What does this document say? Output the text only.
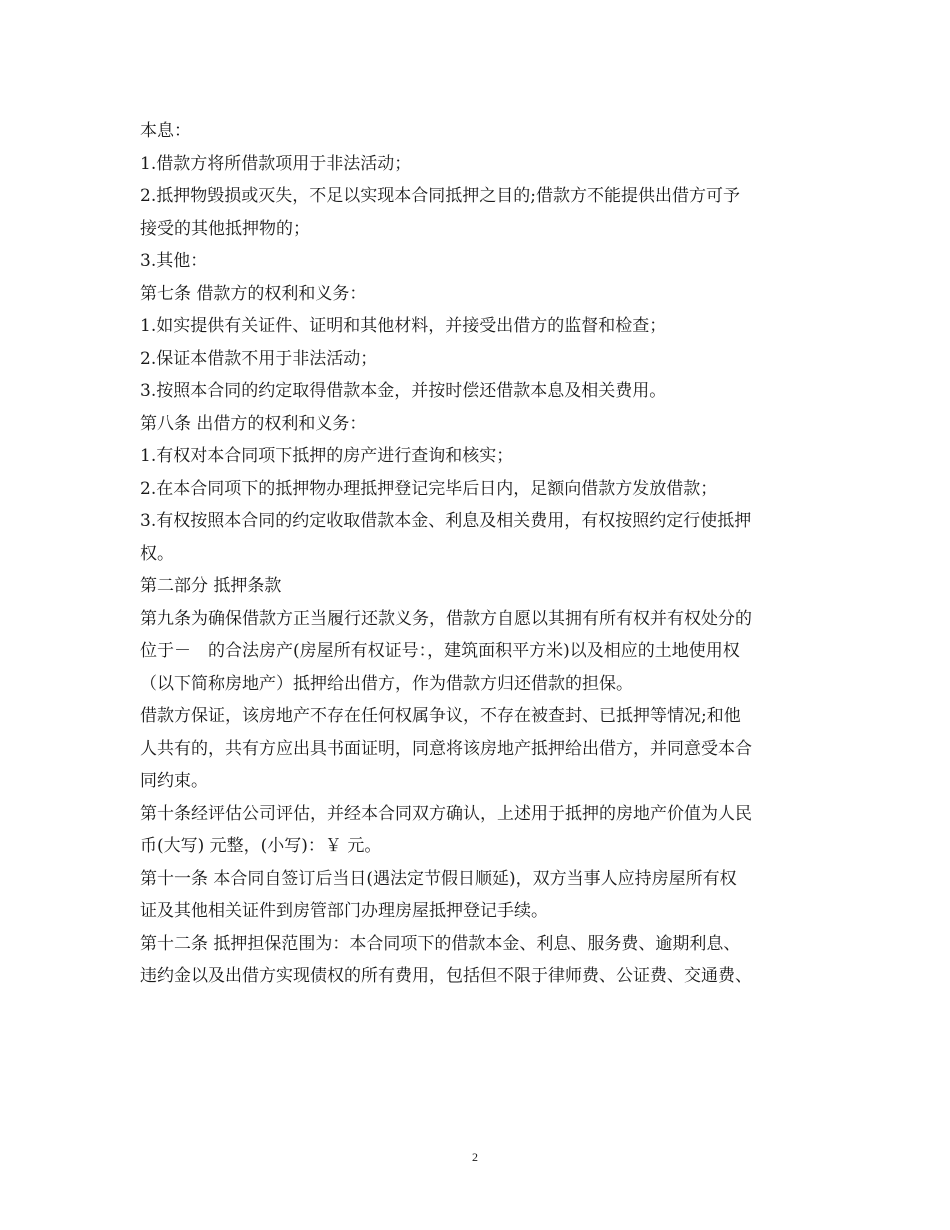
本息：
1.借款方将所借款项用于非法活动；
2.抵押物毁损或灭失，不足以实现本合同抵押之目的;借款方不能提供出借方可予
接受的其他抵押物的；
3.其他：
第七条 借款方的权利和义务：
1.如实提供有关证件、证明和其他材料，并接受出借方的监督和检查；
2.保证本借款不用于非法活动；
3.按照本合同的约定取得借款本金，并按时偿还借款本息及相关费用。
第八条 出借方的权利和义务：
1.有权对本合同项下抵押的房产进行查询和核实；
2.在本合同项下的抵押物办理抵押登记完毕后日内，足额向借款方发放借款；
3.有权按照本合同的约定收取借款本金、利息及相关费用，有权按照约定行使抵押
权。
第二部分 抵押条款
第九条为确保借款方正当履行还款义务，借款方自愿以其拥有所有权并有权处分的
位于－　的合法房产(房屋所有权证号：，建筑面积平方米)以及相应的土地使用权
（以下简称房地产）抵押给出借方，作为借款方归还借款的担保。
借款方保证，该房地产不存在任何权属争议，不存在被查封、已抵押等情况;和他
人共有的，共有方应出具书面证明，同意将该房地产抵押给出借方，并同意受本合
同约束。
第十条经评估公司评估，并经本合同双方确认，上述用于抵押的房地产价值为人民
币(大写) 元整，(小写)：￥ 元。
第十一条 本合同自签订后当日(遇法定节假日顺延)，双方当事人应持房屋所有权
证及其他相关证件到房管部门办理房屋抵押登记手续。
第十二条 抵押担保范围为：本合同项下的借款本金、利息、服务费、逾期利息、
违约金以及出借方实现债权的所有费用，包括但不限于律师费、公证费、交通费、
2
